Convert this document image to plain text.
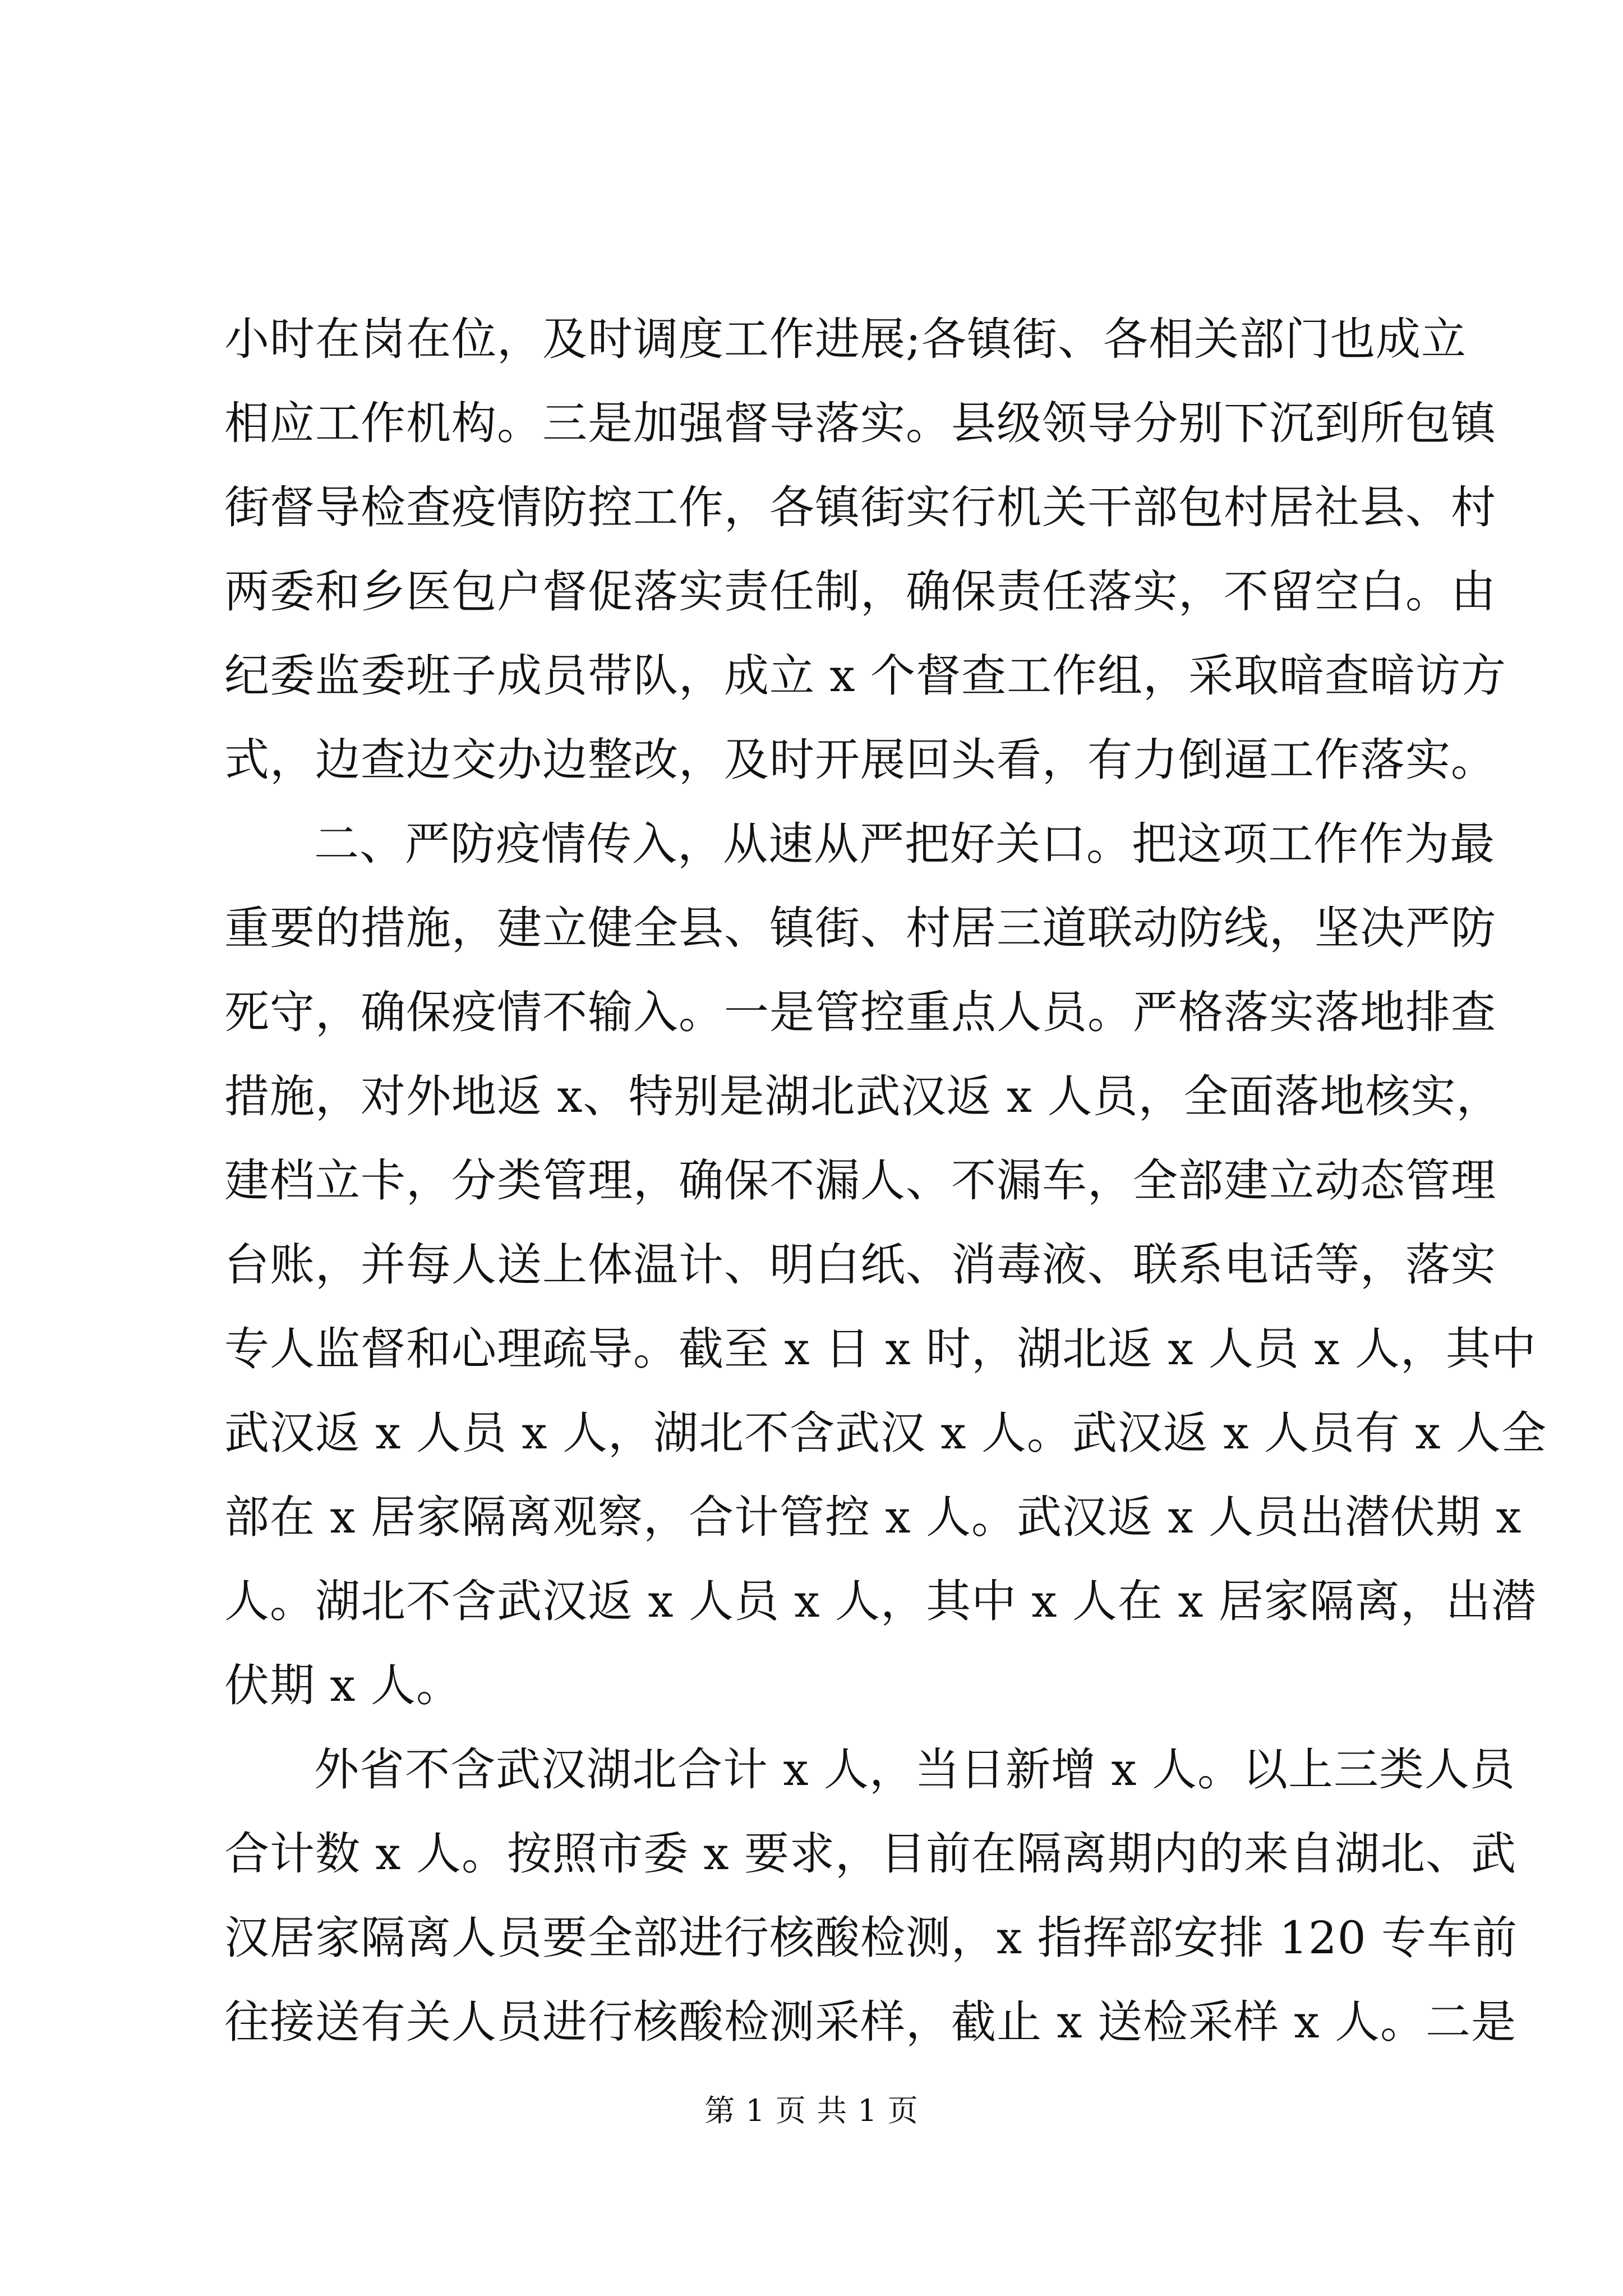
小时在岗在位，及时调度工作进展;各镇街、各相关部门也成立
相应工作机构。三是加强督导落实。县级领导分别下沉到所包镇
街督导检查疫情防控工作，各镇街实行机关干部包村居社县、村
两委和乡医包户督促落实责任制，确保责任落实，不留空白。由
纪委监委班子成员带队，成立 x 个督查工作组，采取暗查暗访方
式，边查边交办边整改，及时开展回头看，有力倒逼工作落实。
二、严防疫情传入，从速从严把好关口。把这项工作作为最
重要的措施，建立健全县、镇街、村居三道联动防线，坚决严防
死守，确保疫情不输入。一是管控重点人员。严格落实落地排查
措施，对外地返 x、特别是湖北武汉返 x 人员，全面落地核实，
建档立卡，分类管理，确保不漏人、不漏车，全部建立动态管理
台账，并每人送上体温计、明白纸、消毒液、联系电话等，落实
专人监督和心理疏导。截至 x 日 x 时，湖北返 x 人员 x 人，其中
武汉返 x 人员 x 人，湖北不含武汉 x 人。武汉返 x 人员有 x 人全
部在 x 居家隔离观察，合计管控 x 人。武汉返 x 人员出潜伏期 x
人。湖北不含武汉返 x 人员 x 人，其中 x 人在 x 居家隔离，出潜
伏期 x 人。
外省不含武汉湖北合计 x 人，当日新增 x 人。以上三类人员
合计数 x 人。按照市委 x 要求，目前在隔离期内的来自湖北、武
汉居家隔离人员要全部进行核酸检测，x 指挥部安排 120 专车前
往接送有关人员进行核酸检测采样，截止 x 送检采样 x 人。二是
第 1 页 共 1 页
